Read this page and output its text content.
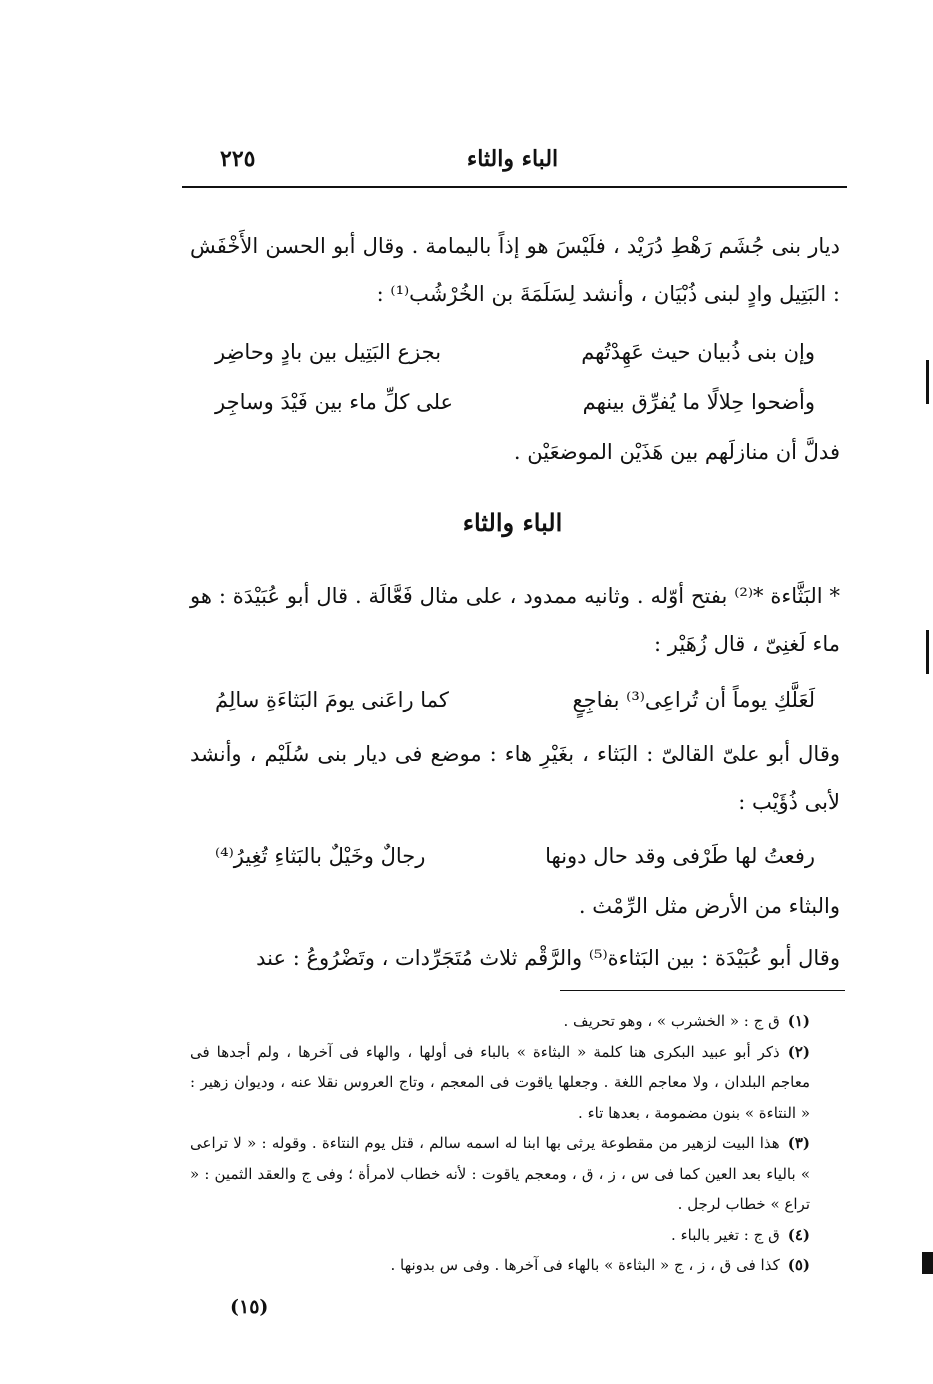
الباء والثاء
٢٢٥
ديار بنى جُشَم رَهْطِ دُرَيْد ، فلَيْسَ هو إذاً باليمامة . وقال أبو الحسن الأَخْفَش : البَتِيل وادٍ لبنى ذُبْيَان ، وأنشد لِسَلَمَةَ بن الخُرْشُب⁽¹⁾ :
وإن بنى ذُبيان حيث عَهِدْتُهم
بجزع البَتِيل بين بادٍ وحاضِر
وأضحوا حِلالًا ما يُفرِّق بينهم
على كلِّ ماء بين فَيْدَ وساجِر
فدلَّ أن منازلَهم بين هَذَيْن الموضعَيْن .
الباء والثاء
* البَثَّاءة *⁽²⁾ بفتح أوّله . وثانيه ممدود ، على مثال فَعَّالَة . قال أبو عُبَيْدَة : هو ماء لَغنِىّ ، قال زُهَيْر :
لَعَلَّكِ يوماً أن تُراعِى⁽³⁾ بفاجِعٍ
كما راعَنى يومَ البَثاءَةِ سالِمُ
وقال أبو علىّ القالىّ : البَثاء ، بغَيْرِ هاء : موضع فى ديار بنى سُلَيْم ، وأنشد لأبى ذُؤَيْب :
رفعتُ لها طَرْفى وقد حال دونها
رجالٌ وخَيْلٌ بالبَثاءِ تُغِيرُ⁽⁴⁾
والبثاء من الأرض مثل الرِّمْث .
وقال أبو عُبَيْدَة : بين البَثاءة⁽⁵⁾ والرَّقْم ثلاث مُتَجَرِّدات ، وتَضْرُوعُ : عند

(١)ق ج : « الخشرب » ، وهو تحريف .

(٢)ذكر أبو عبيد البكرى هنا كلمة « البثاءة » بالباء فى أولها ، والهاء فى آخرها ، ولم أجدها فى معاجم البلدان ، ولا معاجم اللغة . وجعلها ياقوت فى المعجم ، وتاج العروس نقلا عنه ، وديوان زهير : « النتاءة » بنون مضمومة ، بعدها تاء .

(٣)هذا البيت لزهير من مقطوعة يرثى بها ابنا له اسمه سالم ، قتل يوم النتاءة . وقوله : « لا تراعى » بالياء بعد العين كما فى س ، ز ، ق ، ومعجم ياقوت : لأنه خطاب لامرأة ؛ وفى ج والعقد الثمين : « تراع » خطاب لرجل .

(٤)ق ج : تغير بالباء .

(٥)كذا فى ق ، ز ، ج « البثاءة » بالهاء فى آخرها . وفى س بدونها .

(١٥)
